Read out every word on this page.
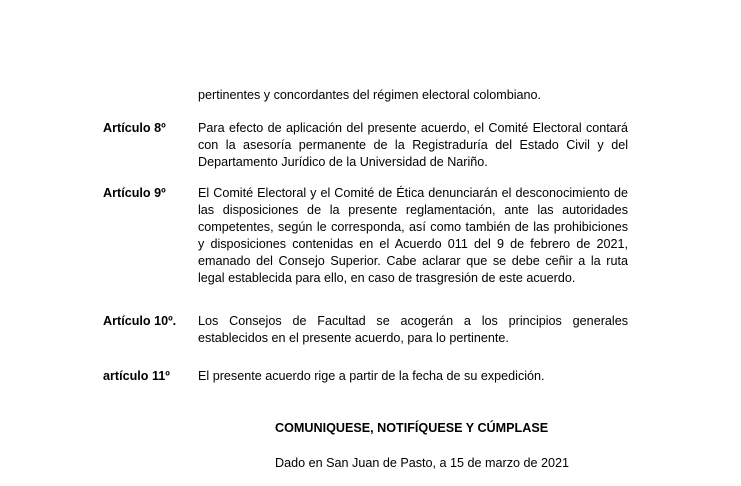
pertinentes y concordantes del régimen electoral colombiano.

Artículo 8º	Para efecto de aplicación del presente acuerdo, el Comité Electoral contará con la asesoría permanente de la Registraduría del Estado Civil y del Departamento Jurídico de la Universidad de Nariño.

Artículo 9º	El Comité Electoral y el Comité de Ética denunciarán el desconocimiento de las disposiciones de la presente reglamentación, ante las autoridades competentes, según le corresponda, así como también de las prohibiciones y disposiciones contenidas en el Acuerdo 011 del 9 de febrero de 2021, emanado del Consejo Superior. Cabe aclarar que se debe ceñir a la ruta legal establecida para ello, en caso de trasgresión de este acuerdo.

Artículo 10º. Los Consejos de Facultad se acogerán a los principios generales establecidos en el presente acuerdo, para lo pertinente.

artículo 11º El presente acuerdo rige a partir de la fecha de su expedición.

COMUNIQUESE, NOTIFÍQUESE Y CÚMPLASE
Dado en San Juan de Pasto, a 15 de marzo de 2021
